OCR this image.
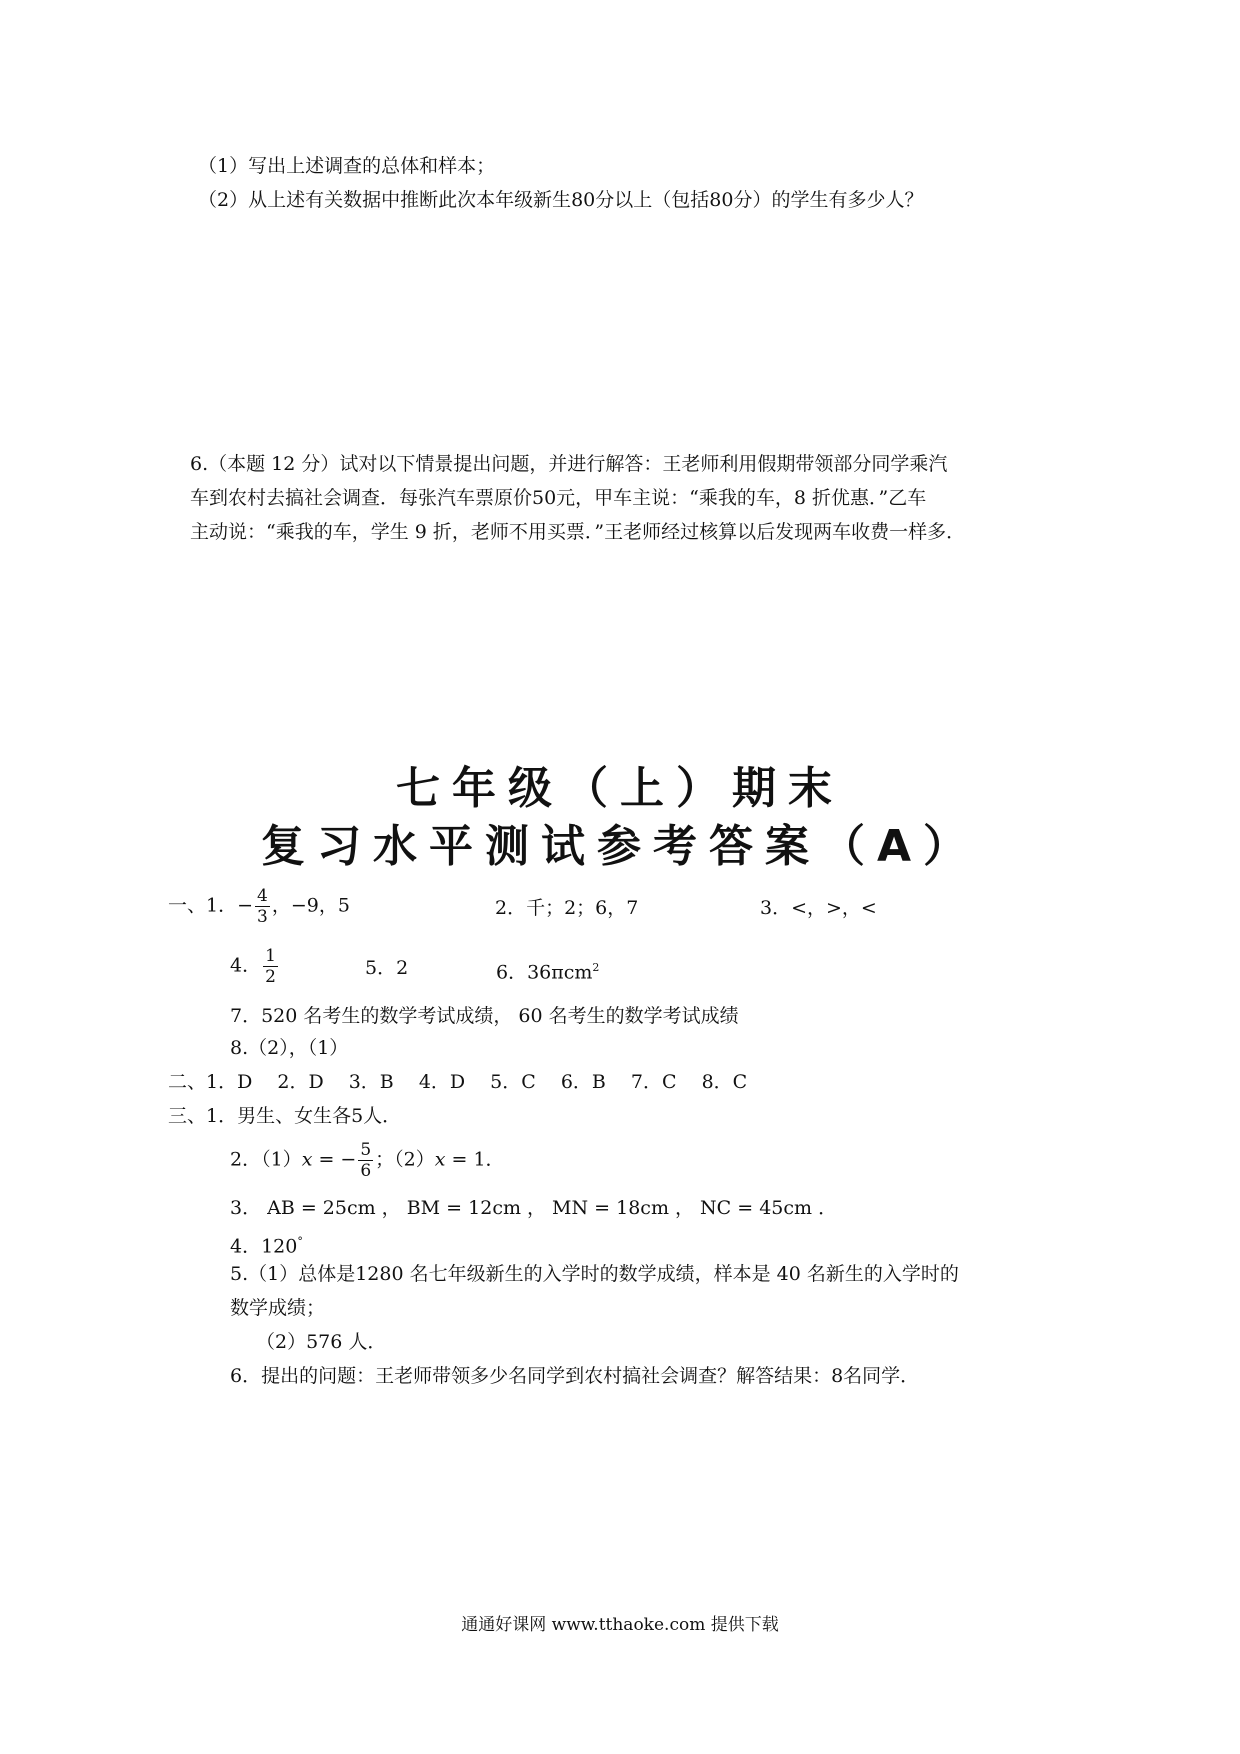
（1）写出上述调查的总体和样本；
（2）从上述有关数据中推断此次本年级新生80分以上（包括80分）的学生有多少人？
6.（本题 12 分）试对以下情景提出问题，并进行解答：王老师利用假期带领部分同学乘汽
车到农村去搞社会调查．每张汽车票原价50元，甲车主说：“乘我的车，8 折优惠．”乙车
主动说：“乘我的车，学生 9 折，老师不用买票．”王老师经过核算以后发现两车收费一样多．
七年级（上）期末
复习水平测试参考答案（A）
一、1．− $\frac{4}{3}$ ，−9，5	2．千；2；6，7	3．<，>，<
4． $\frac{1}{2}$	5．2	6．36πcm$^2$
7．520 名考生的数学考试成绩， 60 名考生的数学考试成绩
8.（2），（1）
二、1．D　 2．D　 3．B　 4．D　 5．C　 6．B　 7．C　 8．C
三、1．男生、女生各5人．
2．（1）x = − $\frac{5}{6}$ ；（2）x = 1．
3． AB = 25cm ， BM = 12cm ， MN = 18cm ， NC = 45cm ．
4．120°
5.（1）总体是1280 名七年级新生的入学时的数学成绩，样本是 40 名新生的入学时的
数学成绩；
（2）576 人．
6．提出的问题：王老师带领多少名同学到农村搞社会调查？解答结果：8名同学．
通通好课网 www.tthaoke.com 提供下载
